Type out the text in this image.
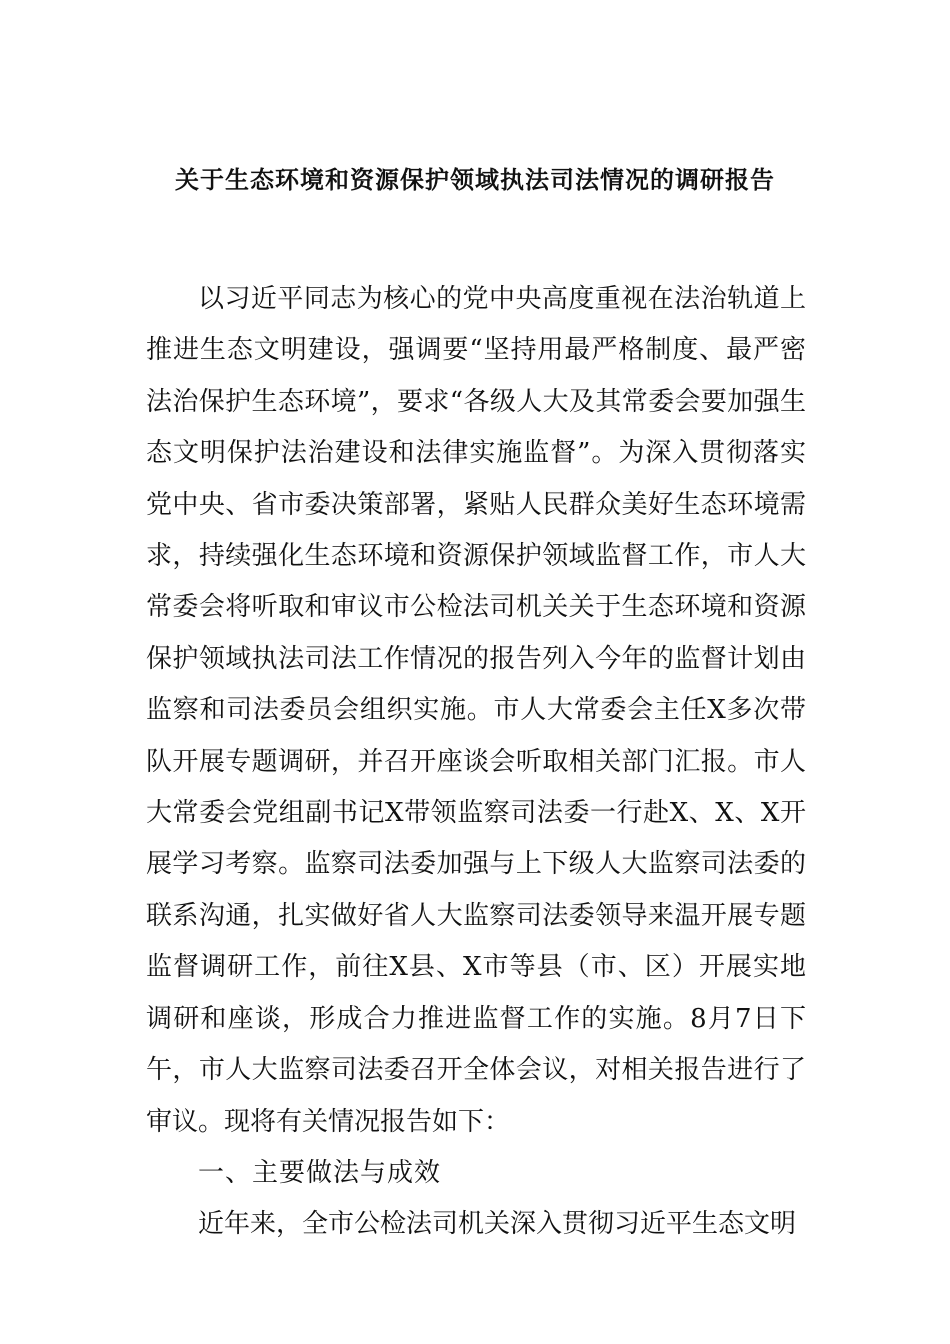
关于生态环境和资源保护领域执法司法情况的调研报告

以习近平同志为核心的党中央高度重视在法治轨道上推进生态文明建设，强调要“坚持用最严格制度、最严密法治保护生态环境”，要求“各级人大及其常委会要加强生态文明保护法治建设和法律实施监督”。为深入贯彻落实党中央、省市委决策部署，紧贴人民群众美好生态环境需求，持续强化生态环境和资源保护领域监督工作，市人大常委会将听取和审议市公检法司机关关于生态环境和资源保护领域执法司法工作情况的报告列入今年的监督计划由监察和司法委员会组织实施。市人大常委会主任X多次带队开展专题调研，并召开座谈会听取相关部门汇报。市人大常委会党组副书记X带领监察司法委一行赴X、X、X开展学习考察。监察司法委加强与上下级人大监察司法委的联系沟通，扎实做好省人大监察司法委领导来温开展专题监督调研工作，前往X县、X市等县（市、区）开展实地调研和座谈，形成合力推进监督工作的实施。8月7日下午，市人大监察司法委召开全体会议，对相关报告进行了审议。现将有关情况报告如下：

一、主要做法与成效

近年来，全市公检法司机关深入贯彻习近平生态文明
